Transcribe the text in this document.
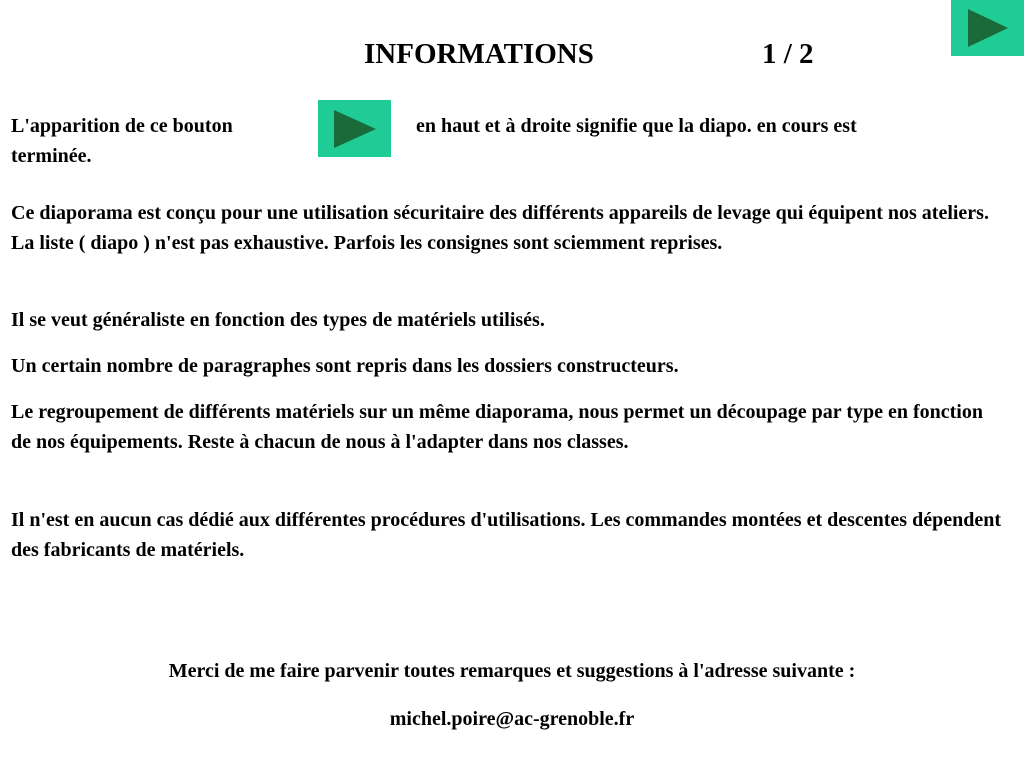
INFORMATIONS	1 / 2
L'apparition de ce bouton	en haut et à droite signifie que la diapo. en cours est
terminée.
Ce diaporama est conçu pour une utilisation sécuritaire des différents appareils de levage qui équipent nos ateliers. La liste ( diapo ) n'est pas exhaustive. Parfois les consignes sont sciemment reprises.
Il se veut généraliste en fonction des types de matériels utilisés.
Un certain nombre de paragraphes sont repris dans les dossiers constructeurs.
Le regroupement de différents matériels sur un même diaporama, nous permet un découpage par type en fonction de nos équipements. Reste à chacun de nous à l'adapter dans nos classes.
Il n'est en aucun cas dédié aux différentes procédures d'utilisations. Les commandes montées et descentes dépendent des fabricants de matériels.
Merci de me faire parvenir toutes remarques et suggestions à l'adresse suivante :
michel.poire@ac-grenoble.fr
